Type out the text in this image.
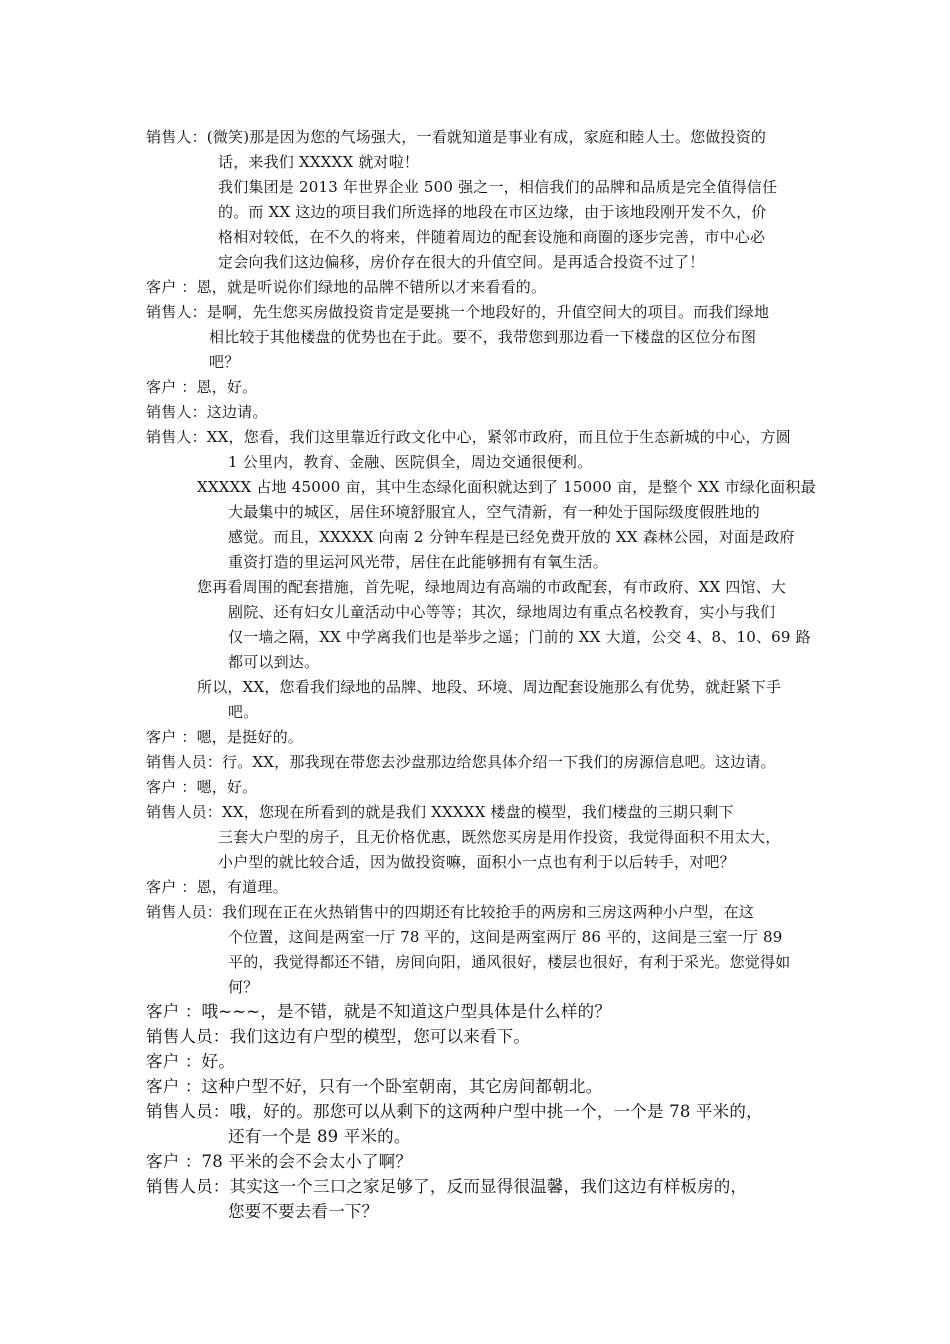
销售人：(微笑)那是因为您的气场强大，一看就知道是事业有成，家庭和睦人士。您做投资的
话，来我们 XXXXX 就对啦！
我们集团是 2013 年世界企业 500 强之一，相信我们的品牌和品质是完全值得信任
的。而 XX 这边的项目我们所选择的地段在市区边缘，由于该地段刚开发不久，价
格相对较低，在不久的将来，伴随着周边的配套设施和商圈的逐步完善，市中心必
定会向我们这边偏移，房价存在很大的升值空间。是再适合投资不过了！
客户 ：恩，就是听说你们绿地的品牌不错所以才来看看的。
销售人：是啊，先生您买房做投资肯定是要挑一个地段好的，升值空间大的项目。而我们绿地
相比较于其他楼盘的优势也在于此。要不，我带您到那边看一下楼盘的区位分布图
吧？
客户 ：恩，好。
销售人：这边请。
销售人：XX，您看，我们这里靠近行政文化中心，紧邻市政府，而且位于生态新城的中心，方圆
1 公里内，教育、金融、医院俱全，周边交通很便利。
XXXXX 占地 45000 亩，其中生态绿化面积就达到了 15000 亩，是整个 XX 市绿化面积最
大最集中的城区，居住环境舒服宜人，空气清新，有一种处于国际级度假胜地的
感觉。而且，XXXXX 向南 2 分钟车程是已经免费开放的 XX 森林公园，对面是政府
重资打造的里运河风光带，居住在此能够拥有有氧生活。
您再看周围的配套措施，首先呢，绿地周边有高端的市政配套，有市政府、XX 四馆、大
剧院、还有妇女儿童活动中心等等；其次，绿地周边有重点名校教育，实小与我们
仅一墙之隔，XX 中学离我们也是举步之遥；门前的 XX 大道，公交 4、8、10、69 路
都可以到达。
所以，XX，您看我们绿地的品牌、地段、环境、周边配套设施那么有优势，就赶紧下手
吧。
客户 ：嗯，是挺好的。
销售人员：行。XX，那我现在带您去沙盘那边给您具体介绍一下我们的房源信息吧。这边请。
客户 ：嗯，好。
销售人员：XX，您现在所看到的就是我们 XXXXX 楼盘的模型，我们楼盘的三期只剩下
三套大户型的房子，且无价格优惠，既然您买房是用作投资，我觉得面积不用太大，
小户型的就比较合适，因为做投资嘛，面积小一点也有利于以后转手，对吧？
客户 ：恩，有道理。
销售人员：我们现在正在火热销售中的四期还有比较抢手的两房和三房这两种小户型，在这
个位置，这间是两室一厅 78 平的，这间是两室两厅 86 平的，这间是三室一厅 89
平的，我觉得都还不错，房间向阳，通风很好，楼层也很好，有利于采光。您觉得如
何？
客户 ：哦~~~，是不错，就是不知道这户型具体是什么样的？
销售人员：我们这边有户型的模型，您可以来看下。
客户 ：好。
客户 ：这种户型不好，只有一个卧室朝南，其它房间都朝北。
销售人员：哦，好的。那您可以从剩下的这两种户型中挑一个，一个是 78 平米的，
还有一个是 89 平米的。
客户 ：78 平米的会不会太小了啊？
销售人员：其实这一个三口之家足够了，反而显得很温馨，我们这边有样板房的，
您要不要去看一下？
